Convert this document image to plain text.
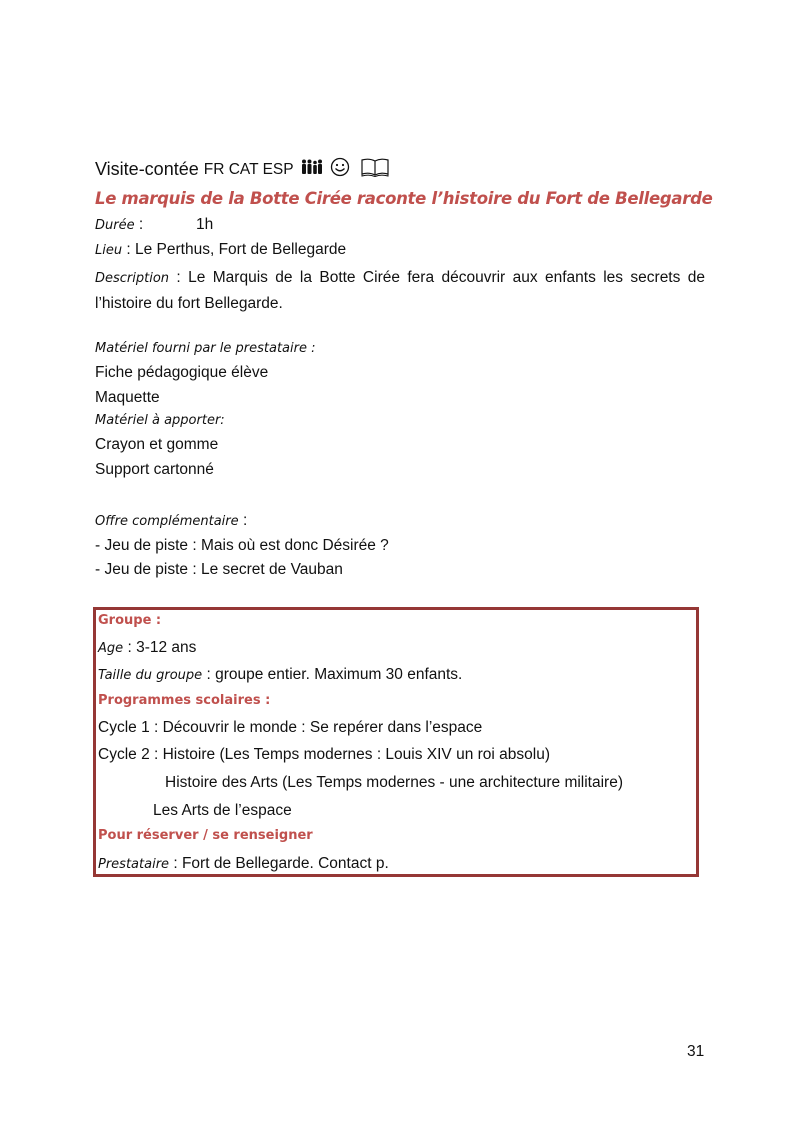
Visite-contée FR CAT ESP
Le marquis de la Botte Cirée raconte l’histoire du Fort de Bellegarde
Durée :	1h
Lieu : Le Perthus, Fort de Bellegarde
Description : Le Marquis de la Botte Cirée fera découvrir aux enfants les secrets de l’histoire du fort Bellegarde.
Matériel fourni par le prestataire :
Fiche pédagogique élève
Maquette
Matériel à apporter:
Crayon et gomme
Support cartonné
Offre complémentaire :
- Jeu de piste : Mais où est donc Désirée ?
- Jeu de piste : Le secret de Vauban
Groupe :
Age : 3-12 ans
Taille du groupe : groupe entier. Maximum 30 enfants.
Programmes scolaires :
Cycle 1 : Découvrir le monde : Se repérer dans l’espace
Cycle 2 : Histoire (Les Temps modernes : Louis XIV un roi absolu)
Histoire des Arts (Les Temps modernes - une architecture militaire)
Les Arts de l’espace
Pour réserver / se renseigner
Prestataire : Fort de Bellegarde. Contact p.
31
